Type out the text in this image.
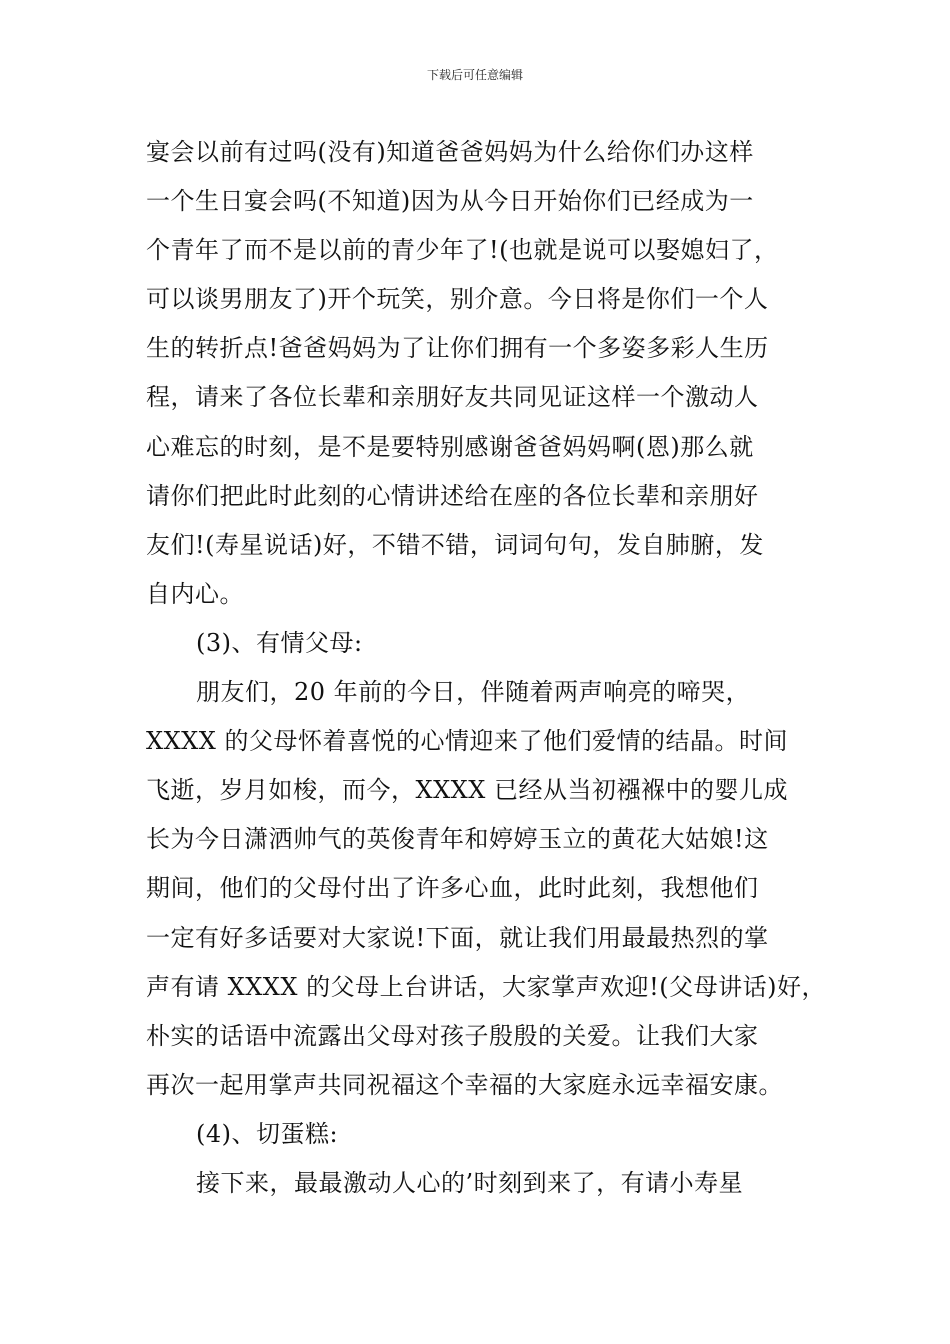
下载后可任意编辑
宴会以前有过吗(没有)知道爸爸妈妈为什么给你们办这样
一个生日宴会吗(不知道)因为从今日开始你们已经成为一
个青年了而不是以前的青少年了!(也就是说可以娶媳妇了，
可以谈男朋友了)开个玩笑，别介意。今日将是你们一个人
生的转折点!爸爸妈妈为了让你们拥有一个多姿多彩人生历
程，请来了各位长辈和亲朋好友共同见证这样一个激动人
心难忘的时刻，是不是要特别感谢爸爸妈妈啊(恩)那么就
请你们把此时此刻的心情讲述给在座的各位长辈和亲朋好
友们!(寿星说话)好，不错不错，词词句句，发自肺腑，发
自内心。
(3)、有情父母:
朋友们，20 年前的今日，伴随着两声响亮的啼哭，
XXXX 的父母怀着喜悦的心情迎来了他们爱情的结晶。时间
飞逝，岁月如梭，而今，XXXX 已经从当初襁褓中的婴儿成
长为今日潇洒帅气的英俊青年和婷婷玉立的黄花大姑娘!这
期间，他们的父母付出了许多心血，此时此刻，我想他们
一定有好多话要对大家说!下面，就让我们用最最热烈的掌
声有请 XXXX 的父母上台讲话，大家掌声欢迎!(父母讲话)好，
朴实的话语中流露出父母对孩子殷殷的关爱。让我们大家
再次一起用掌声共同祝福这个幸福的大家庭永远幸福安康。
(4)、切蛋糕:
接下来，最最激动人心的’时刻到来了，有请小寿星
